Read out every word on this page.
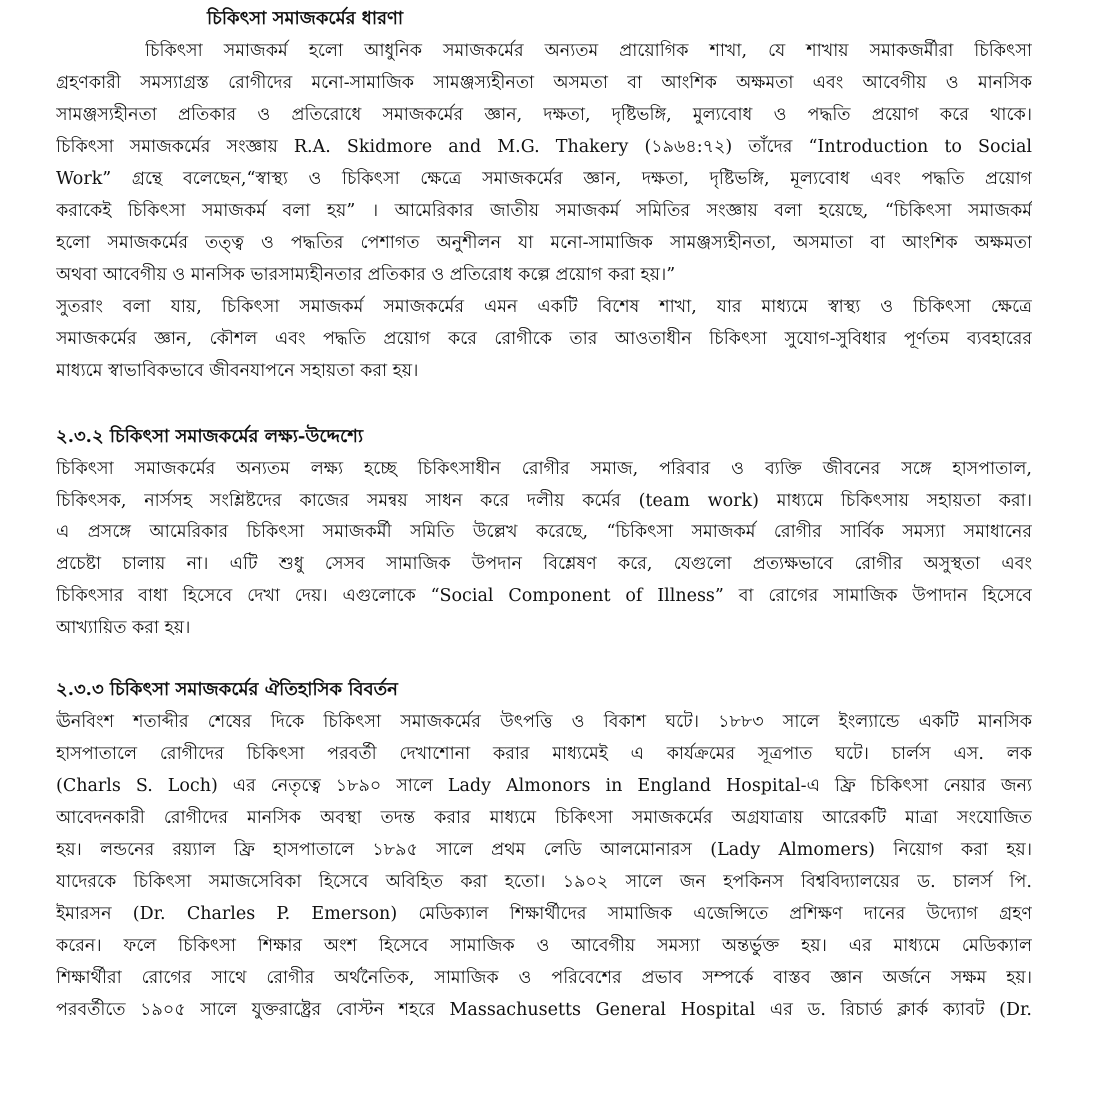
চিকিৎসা সমাজকর্মের ধারণা
চিকিৎসা সমাজকর্ম হলো আধুনিক সমাজকর্মের অন্যতম প্রায়োগিক শাখা, যে শাখায় সমাকজর্মীরা চিকিৎসা
গ্রহণকারী সমস্যাগ্রস্ত রোগীদের মনো-সামাজিক সামঞ্জস্যহীনতা অসমতা বা আংশিক অক্ষমতা এবং আবেগীয় ও মানসিক
সামঞ্জস্যহীনতা প্রতিকার ও প্রতিরোধে সমাজকর্মের জ্ঞান, দক্ষতা, দৃষ্টিভঙ্গি, মুল্যবোধ ও পদ্ধতি প্রয়োগ করে থাকে।
চিকিৎসা সমাজকর্মের সংজ্ঞায় R.A. Skidmore and M.G. Thakery (১৯৬৪:৭২) তাঁদের “Introduction to Social
Work” গ্রন্থে বলেছেন,“স্বাস্থ্য ও চিকিৎসা ক্ষেত্রে সমাজকর্মের জ্ঞান, দক্ষতা, দৃষ্টিভঙ্গি, মূল্যবোধ এবং পদ্ধতি প্রয়োগ
করাকেই চিকিৎসা সমাজকর্ম বলা হয়” । আমেরিকার জাতীয় সমাজকর্ম সমিতির সংজ্ঞায় বলা হয়েছে, “চিকিৎসা সমাজকর্ম
হলো সমাজকর্মের তত্ত্ব ও পদ্ধতির পেশাগত অনুশীলন যা মনো-সামাজিক সামঞ্জস্যহীনতা, অসমাতা বা আংশিক অক্ষমতা
অথবা আবেগীয় ও মানসিক ভারসাম্যহীনতার প্রতিকার ও প্রতিরোধ কল্পে প্রয়োগ করা হয়।”
সুতরাং বলা যায়, চিকিৎসা সমাজকর্ম সমাজকর্মের এমন একটি বিশেষ শাখা, যার মাধ্যমে স্বাস্থ্য ও চিকিৎসা ক্ষেত্রে
সমাজকর্মের জ্ঞান, কৌশল এবং পদ্ধতি প্রয়োগ করে রোগীকে তার আওতাধীন চিকিৎসা সুযোগ-সুবিধার পূর্ণতম ব্যবহারের
মাধ্যমে স্বাভাবিকভাবে জীবনযাপনে সহায়তা করা হয়।
২.৩.২ চিকিৎসা সমাজকর্মের লক্ষ্য-উদ্দেশ্যে
চিকিৎসা সমাজকর্মের অন্যতম লক্ষ্য হচ্ছে চিকিৎসাধীন রোগীর সমাজ, পরিবার ও ব্যক্তি জীবনের সঙ্গে হাসপাতাল,
চিকিৎসক, নার্সসহ সংশ্লিষ্টদের কাজের সমন্বয় সাধন করে দলীয় কর্মের (team work) মাধ্যমে চিকিৎসায় সহায়তা করা।
এ প্রসঙ্গে আমেরিকার চিকিৎসা সমাজকর্মী সমিতি উল্লেখ করেছে, “চিকিৎসা সমাজকর্ম রোগীর সার্বিক সমস্যা সমাধানের
প্রচেষ্টা চালায় না। এটি শুধু সেসব সামাজিক উপদান বিশ্লেষণ করে, যেগুলো প্রত্যক্ষভাবে রোগীর অসুস্থতা এবং
চিকিৎসার বাধা হিসেবে দেখা দেয়। এগুলোকে “Social Component of Illness” বা রোগের সামাজিক উপাদান হিসেবে
আখ্যায়িত করা হয়।
২.৩.৩ চিকিৎসা সমাজকর্মের ঐতিহাসিক বিবর্তন
ঊনবিংশ শতাব্দীর শেষের দিকে চিকিৎসা সমাজকর্মের উৎপত্তি ও বিকাশ ঘটে। ১৮৮৩ সালে ইংল্যান্ডে একটি মানসিক
হাসপাতালে রোগীদের চিকিৎসা পরবর্তী দেখাশোনা করার মাধ্যমেই এ কার্যক্রমের সূত্রপাত ঘটে। চার্লস এস. লক
(Charls S. Loch) এর নেতৃত্বে ১৮৯০ সালে Lady Almonors in England Hospital-এ ফ্রি চিকিৎসা নেয়ার জন্য
আবেদনকারী রোগীদের মানসিক অবস্থা তদন্ত করার মাধ্যমে চিকিৎসা সমাজকর্মের অগ্রযাত্রায় আরেকটি মাত্রা সংযোজিত
হয়। লন্ডনের রয়্যাল ফ্রি হাসপাতালে ১৮৯৫ সালে প্রথম লেডি আলমোনারস (Lady Almomers) নিয়োগ করা হয়।
যাদেরকে চিকিৎসা সমাজসেবিকা হিসেবে অবিহিত করা হতো। ১৯০২ সালে জন হপকিনস বিশ্ববিদ্যালয়ের ড. চালর্স পি.
ইমারসন (Dr. Charles P. Emerson) মেডিক্যাল শিক্ষার্থীদের সামাজিক এজেন্সিতে প্রশিক্ষণ দানের উদ্যোগ গ্রহণ
করেন। ফলে চিকিৎসা শিক্ষার অংশ হিসেবে সামাজিক ও আবেগীয় সমস্যা অন্তর্ভুক্ত হয়। এর মাধ্যমে মেডিক্যাল
শিক্ষার্থীরা রোগের সাথে রোগীর অর্থনৈতিক, সামাজিক ও পরিবেশের প্রভাব সম্পর্কে বাস্তব জ্ঞান অর্জনে সক্ষম হয়।
পরবর্তীতে ১৯০৫ সালে যুক্তরাষ্ট্রের বোস্টন শহরে Massachusetts General Hospital এর ড. রিচার্ড ক্লার্ক ক্যাবট (Dr.
